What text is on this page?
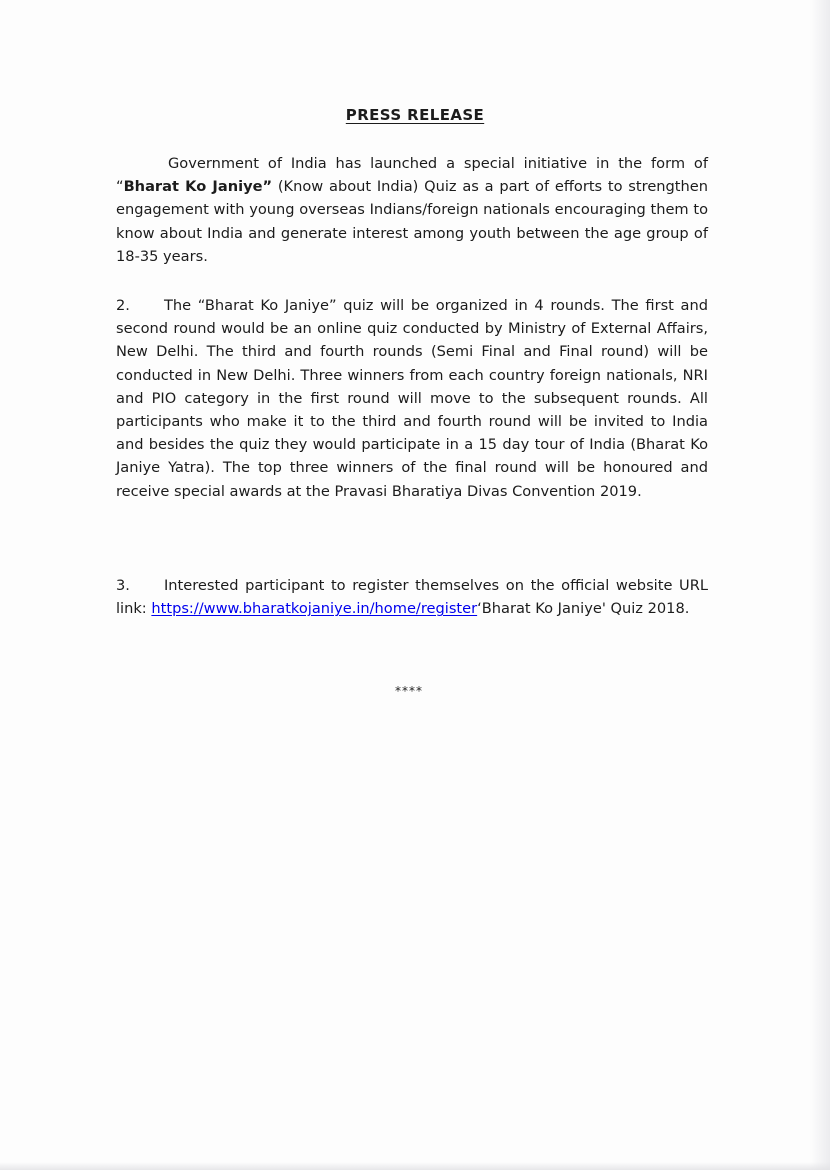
PRESS RELEASE

Government of India has launched a special initiative in the form of “Bharat Ko Janiye” (Know about India) Quiz as a part of efforts to strengthen engagement with young overseas Indians/foreign nationals encouraging them to know about India and generate interest among youth between the age group of 18-35 years.

2. The “Bharat Ko Janiye” quiz will be organized in 4 rounds. The first and second round would be an online quiz conducted by Ministry of External Affairs, New Delhi. The third and fourth rounds (Semi Final and Final round) will be conducted in New Delhi. Three winners from each country foreign nationals, NRI and PIO category in the first round will move to the subsequent rounds. All participants who make it to the third and fourth round will be invited to India and besides the quiz they would participate in a 15 day tour of India (Bharat Ko Janiye Yatra). The top three winners of the final round will be honoured and receive special awards at the Pravasi Bharatiya Divas Convention 2019.

3. Interested participant to register themselves on the official website URL link: https://www.bharatkojaniye.in/home/register‘Bharat Ko Janiye' Quiz 2018.

****
